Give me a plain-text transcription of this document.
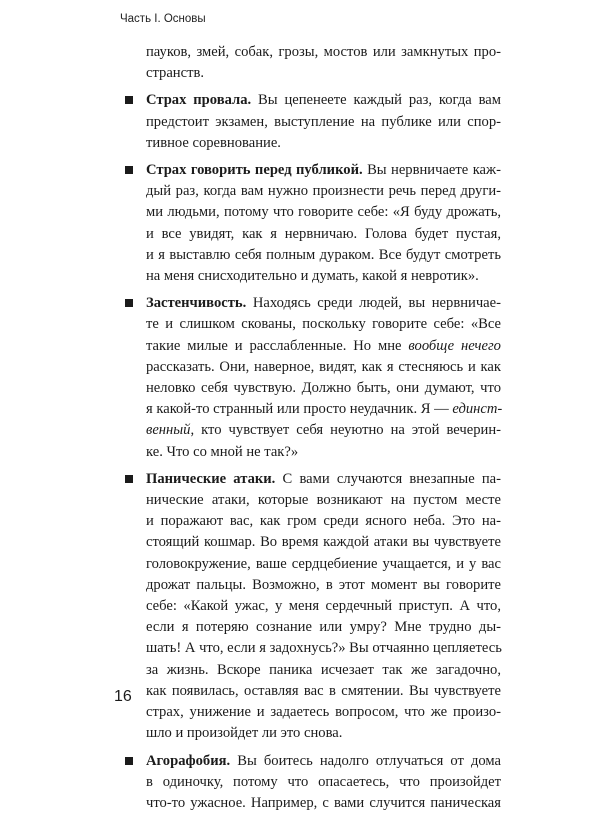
Часть I. Основы
16
пауков, змей, собак, грозы, мостов или замкнутых про-
странств.
Страх провала. Вы цепенеете каждый раз, когда вам
предстоит экзамен, выступление на публике или спор-
тивное соревнование.
Страх говорить перед публикой. Вы нервничаете каж-
дый раз, когда вам нужно произнести речь перед други-
ми людьми, потому что говорите себе: «Я буду дрожать,
и все увидят, как я нервничаю. Голова будет пустая,
и я выставлю себя полным дураком. Все будут смотреть
на меня снисходительно и думать, какой я невротик».
Застенчивость. Находясь среди людей, вы нервничае-
те и слишком скованы, поскольку говорите себе: «Все
такие милые и расслабленные. Но мне вообще нечего
рассказать. Они, наверное, видят, как я стесняюсь и как
неловко себя чувствую. Должно быть, они думают, что
я какой-то странный или просто неудачник. Я — единст-
венный, кто чувствует себя неуютно на этой вечерин-
ке. Что со мной не так?»
Панические атаки. С вами случаются внезапные па-
нические атаки, которые возникают на пустом месте
и поражают вас, как гром среди ясного неба. Это на-
стоящий кошмар. Во время каждой атаки вы чувствуете
головокружение, ваше сердцебиение учащается, и у вас
дрожат пальцы. Возможно, в этот момент вы говорите
себе: «Какой ужас, у меня сердечный приступ. А что,
если я потеряю сознание или умру? Мне трудно ды-
шать! А что, если я задохнусь?» Вы отчаянно цепляетесь
за жизнь. Вскоре паника исчезает так же загадочно,
как появилась, оставляя вас в смятении. Вы чувствуете
страх, унижение и задаетесь вопросом, что же произо-
шло и произойдет ли это снова.
Агорафобия. Вы боитесь надолго отлучаться от дома
в одиночку, потому что опасаетесь, что произойдет
что-то ужасное. Например, с вами случится паническая
